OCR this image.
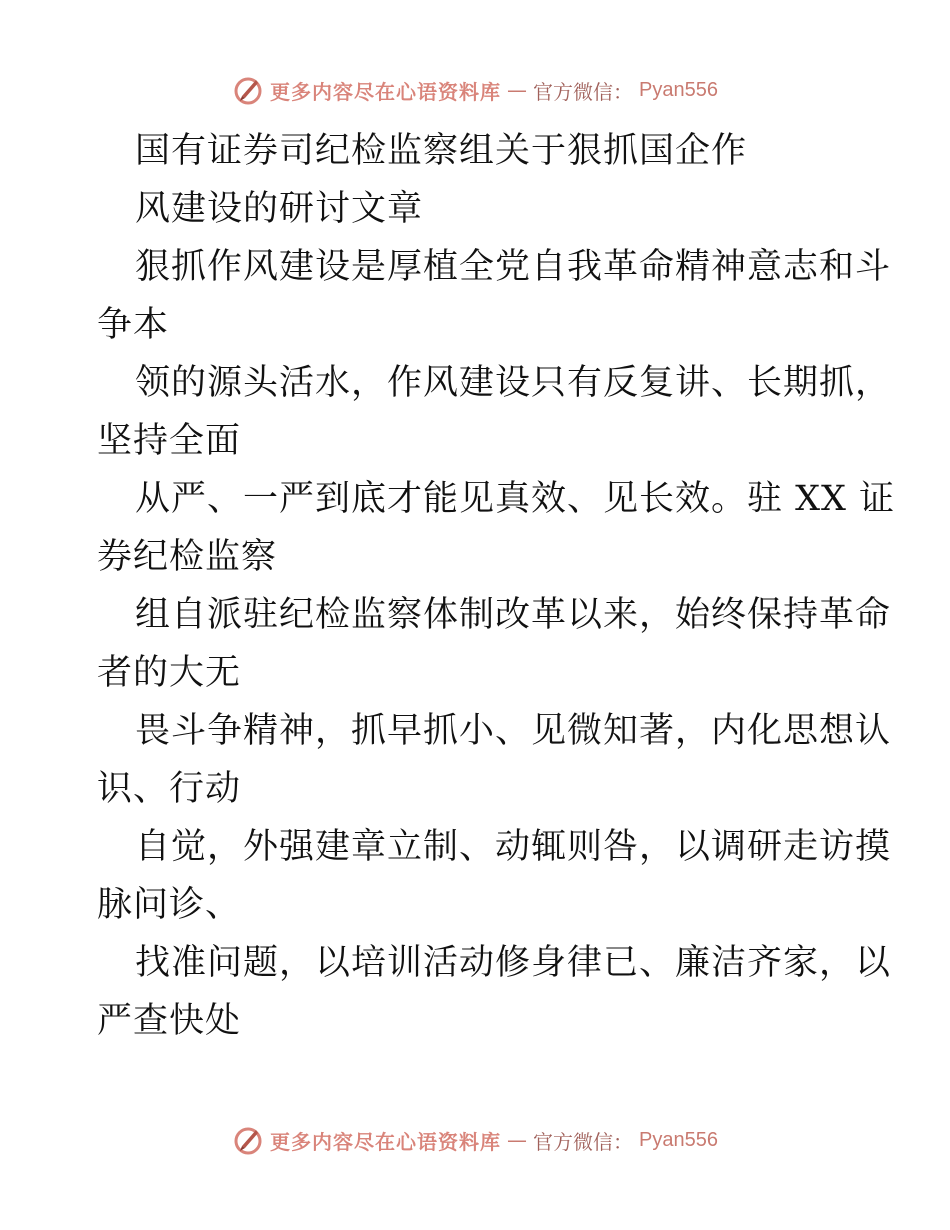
更多内容尽在心语资料库 — 官方微信： Pyan556
国有证券司纪检监察组关于狠抓国企作
风建设的研讨文章
狠抓作风建设是厚植全党自我革命精神意志和斗
争本
领的源头活水，作风建设只有反复讲、长期抓，
坚持全面
从严、一严到底才能见真效、见长效。驻 XX 证
券纪检监察
组自派驻纪检监察体制改革以来，始终保持革命
者的大无
畏斗争精神，抓早抓小、见微知著，内化思想认
识、行动
自觉，外强建章立制、动辄则咎，以调研走访摸
脉问诊、
找准问题，以培训活动修身律已、廉洁齐家，以
严查快处
更多内容尽在心语资料库 — 官方微信： Pyan556
